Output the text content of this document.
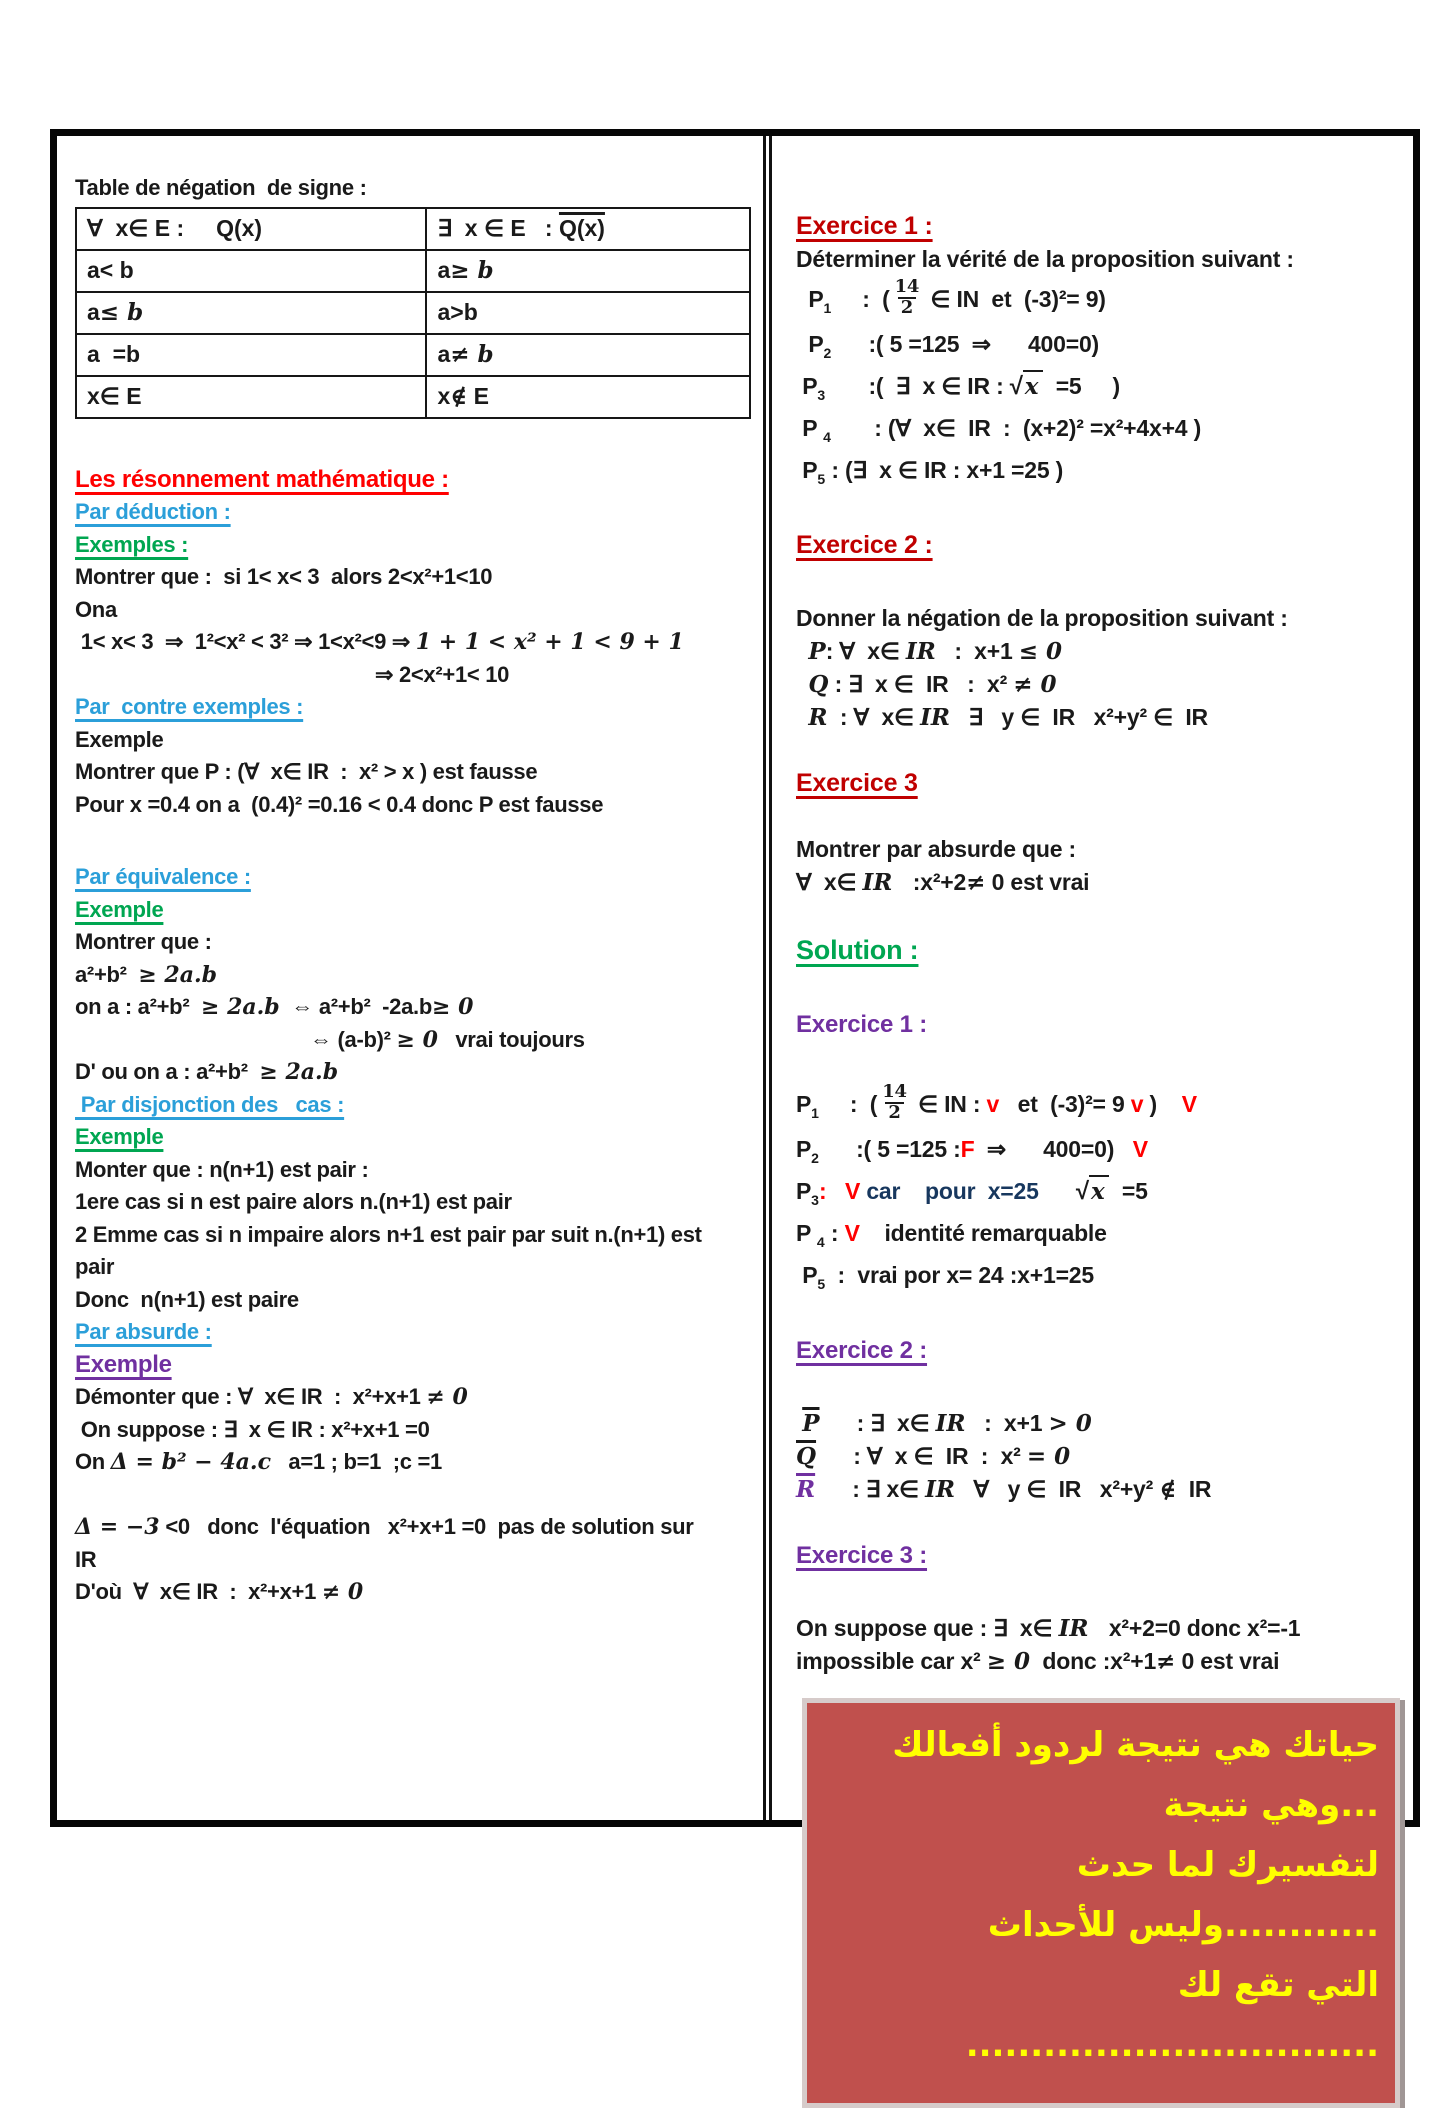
Table de négation  de signe :
∀  x∈ E :     Q(x)	∃  x ∈ E   : Q(x)
a< b	a≥ b
a≤ b	a>b
a  =b	a≠ b
x∈ E	x∉ E
Les résonnement mathématique :
Par déduction :
Exemples :
Montrer que :  si 1< x< 3  alors 2<x²+1<10
Ona
1< x< 3  ⇒  1²<x² < 3² ⇒ 1<x²<9 ⇒ 1 + 1 < x² + 1 < 9 + 1
⇒ 2<x²+1< 10
Par  contre exemples :
Exemple
Montrer que P : (∀  x∈ IR  :  x² > x ) est fausse
Pour x =0.4 on a  (0.4)² =0.16 < 0.4 donc P est fausse
Par équivalence :
Exemple
Montrer que :
a²+b²  ≥ 2a.b
on a : a²+b²  ≥ 2a.b  ⇔ a²+b²  -2a.b≥ 0
⇔ (a-b)² ≥ 0   vrai toujours
D' ou on a : a²+b²  ≥ 2a.b
Par disjonction des   cas :
Exemple
Monter que : n(n+1) est pair :
1ere cas si n est paire alors n.(n+1) est pair
2 Emme cas si n impaire alors n+1 est pair par suit n.(n+1) est
pair
Donc  n(n+1) est paire
Par absurde :
Exemple
Démonter que : ∀  x∈ IR  :  x²+x+1 ≠ 0
On suppose : ∃  x ∈ IR : x²+x+1 =0
On Δ = b² − 4a.c   a=1 ; b=1  ;c =1
Δ = −3 <0   donc  l'équation   x²+x+1 =0  pas de solution sur
IR
D'où  ∀  x∈ IR  :  x²+x+1 ≠ 0
Exercice 1 :
Déterminer la vérité de la proposition suivant :
$P_1$     :  ( $\frac{14}{2}$ ∈ IN  et  (-3)²= 9)
$P_2$      :( 5 =125  ⇒      400=0)
$P_3$       :(  ∃  x ∈ IR : √x  =5     )
P $_4$       : (∀  x∈  IR  :  (x+2)² =x²+4x+4 )
$P_5$ : (∃  x ∈ IR : x+1 =25 )
Exercice 2 :
Donner la négation de la proposition suivant :
P: ∀  x∈ IR   :  x+1 ≤ 0
Q : ∃  x ∈  IR   :  x² ≠ 0
R  : ∀  x∈ IR   ∃   y ∈  IR   x²+y² ∈  IR
Exercice 3
Montrer par absurde que :
∀  x∈ IR   :x²+2≠ 0 est vrai
Solution :
Exercice 1 :
$P_1$     :  ( $\frac{14}{2}$ ∈ IN : v   et  (-3)²= 9 v )    V
$P_2$      :( 5 =125 :F  ⇒      400=0)   V
$P_3$: V car    pour  x=25 √x  =5
P $_4$ : V    identité remarquable
$P_5$  :  vrai por x= 24 :x+1=25
Exercice 2 :
$\overline{P}$      : ∃  x∈ IR   :  x+1 > 0
$\overline{Q}$      : ∀  x ∈  IR  :  x² = 0
$\overline{R}$      : ∃ x∈ IR   ∀   y ∈  IR   x²+y² ∉  IR
Exercice 3 :
On suppose que : ∃  x∈ IR   x²+2=0 donc x²=-1
impossible car x² ≥ 0  donc :x²+1≠ 0 est vrai
حياتك هي نتيجة لردود أفعالك ...وهي نتيجة
لتفسيرك لما حدث ............وليس للأحداث
التي تقع لك ................................
